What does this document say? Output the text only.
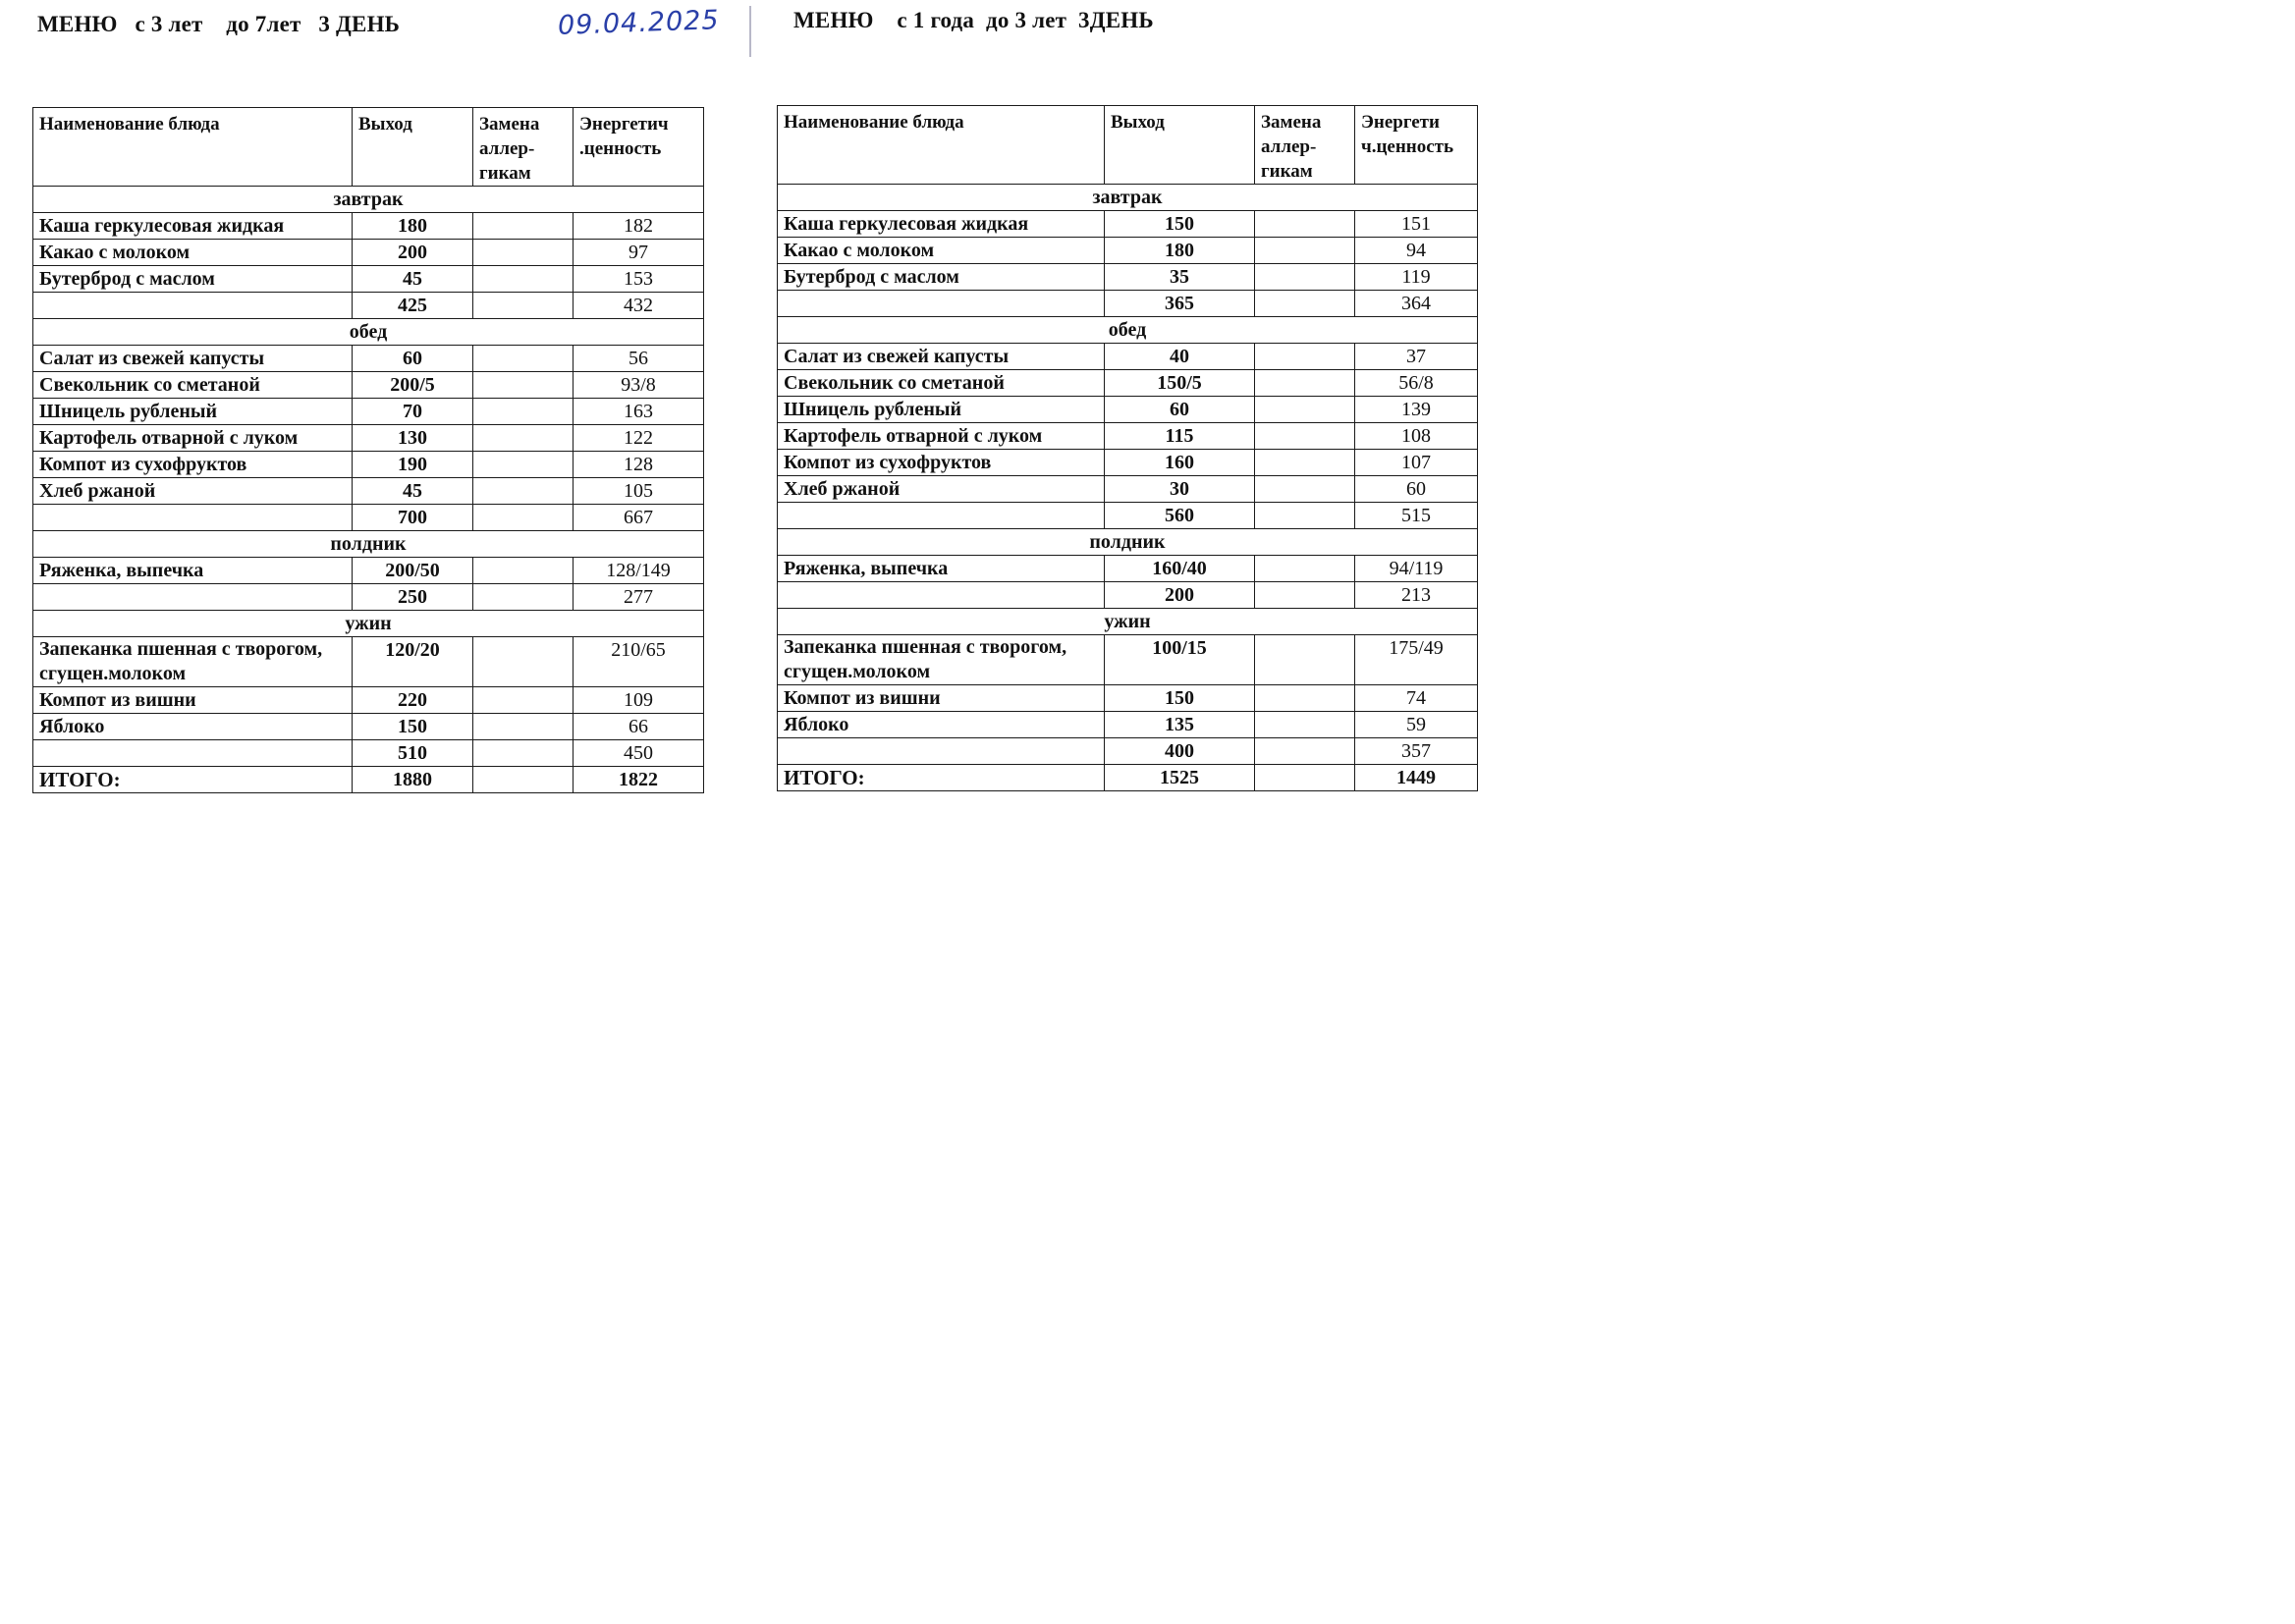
МЕНЮ   с 3 лет    до 7лет   3 ДЕНЬ	09.04.2025	МЕНЮ    с 1 года  до 3 лет  3ДЕНЬ
Наименование блюда	Выход	Замена аллер-гикам	Энергетич .ценность
завтрак			
Каша геркулесовая жидкая	180		182
Какао с молоком	200		97
Бутерброд с маслом	45		153
	425		432
обед			
Салат из свежей капусты	60		56
Свекольник со сметаной	200/5		93/8
Шницель рубленый	70		163
Картофель отварной с луком	130		122
Компот из сухофруктов	190		128
Хлеб ржаной	45		105
	700		667
полдник			
Ряженка, выпечка	200/50		128/149
	250		277
ужин			
Запеканка пшенная с творогом, сгущен.молоком	120/20		210/65
Компот из вишни	220		109
Яблоко	150		66
	510		450
ИТОГО:	1880		1822
Наименование блюда	Выход	Замена аллер-гикам	Энергети ч.ценность
завтрак			
Каша геркулесовая жидкая	150		151
Какао с молоком	180		94
Бутерброд с маслом	35		119
	365		364
обед			
Салат из свежей капусты	40		37
Свекольник со сметаной	150/5		56/8
Шницель рубленый	60		139
Картофель отварной с луком	115		108
Компот из сухофруктов	160		107
Хлеб ржаной	30		60
	560		515
полдник			
Ряженка, выпечка	160/40		94/119
	200		213
ужин			
Запеканка пшенная с творогом, сгущен.молоком	100/15		175/49
Компот из вишни	150		74
Яблоко	135		59
	400		357
ИТОГО:	1525		1449
